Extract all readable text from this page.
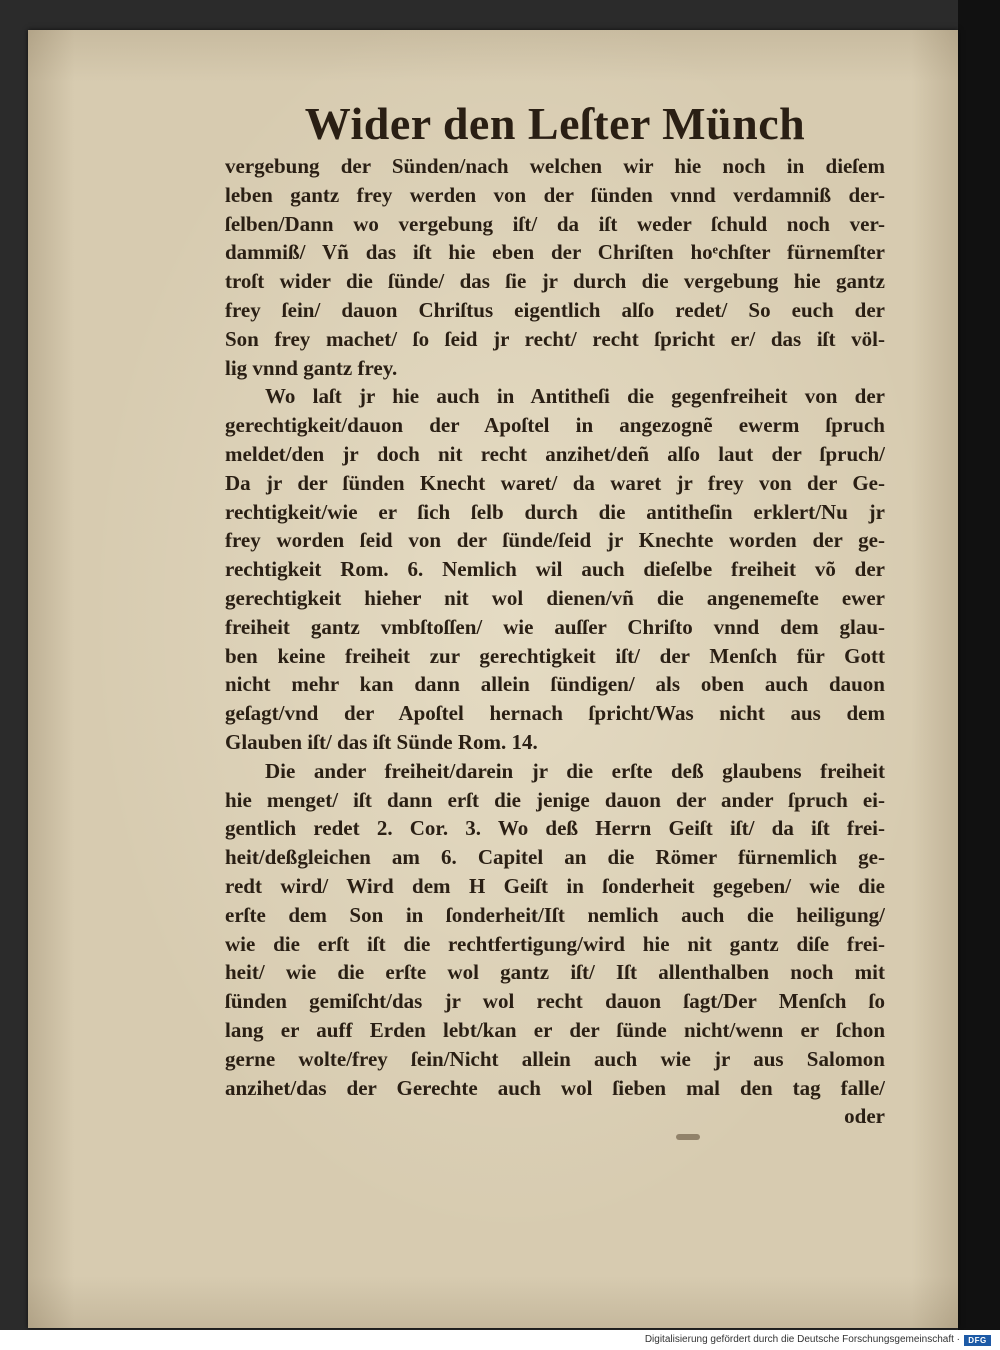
Wider den Leſter Münch
vergebung der Sünden/nach welchen wir hie noch in dieſem
leben gantz frey werden von der ſünden vnnd verdamniß der-
ſelben/Dann wo vergebung iſt/ da iſt weder ſchuld noch ver-
dammiß/ Vñ das iſt hie eben der Chriſten hoͤchſter fürnemſter
troſt wider die ſünde/ das ſie jr durch die vergebung hie gantz
frey ſein/ dauon Chriſtus eigentlich alſo redet/ So euch der
Son frey machet/ ſo ſeid jr recht/ recht ſpricht er/ das iſt völ-
lig vnnd gantz frey.
Wo laſt jr hie auch in Antitheſi die gegenfreiheit von der
gerechtigkeit/dauon der Apoſtel in angezognẽ ewerm ſpruch
meldet/den jr doch nit recht anzihet/deñ alſo laut der ſpruch/
Da jr der ſünden Knecht waret/ da waret jr frey von der Ge-
rechtigkeit/wie er ſich ſelb durch die antitheſin erklert/Nu jr
frey worden ſeid von der ſünde/ſeid jr Knechte worden der ge-
rechtigkeit Rom. 6. Nemlich wil auch dieſelbe freiheit võ der
gerechtigkeit hieher nit wol dienen/vñ die angenemeſte ewer
freiheit gantz vmbſtoſſen/ wie auſſer Chriſto vnnd dem glau-
ben keine freiheit zur gerechtigkeit iſt/ der Menſch für Gott
nicht mehr kan dann allein ſündigen/ als oben auch dauon
geſagt/vnd der Apoſtel hernach ſpricht/Was nicht aus dem
Glauben iſt/ das iſt Sünde Rom. 14.
Die ander freiheit/darein jr die erſte deß glaubens freiheit
hie menget/ iſt dann erſt die jenige dauon der ander ſpruch ei-
gentlich redet 2. Cor. 3. Wo deß Herrn Geiſt iſt/ da iſt frei-
heit/deßgleichen am 6. Capitel an die Römer fürnemlich ge-
redt wird/ Wird dem H Geiſt in ſonderheit gegeben/ wie die
erſte dem Son in ſonderheit/Iſt nemlich auch die heiligung/
wie die erſt iſt die rechtfertigung/wird hie nit gantz diſe frei-
heit/ wie die erſte wol gantz iſt/ Iſt allenthalben noch mit
ſünden gemiſcht/das jr wol recht dauon ſagt/Der Menſch ſo
lang er auff Erden lebt/kan er der ſünde nicht/wenn er ſchon
gerne wolte/frey ſein/Nicht allein auch wie jr aus Salomon
anzihet/das der Gerechte auch wol ſieben mal den tag falle/
oder
Digitalisierung gefördert durch die Deutsche Forschungsgemeinschaft ·	DFG
